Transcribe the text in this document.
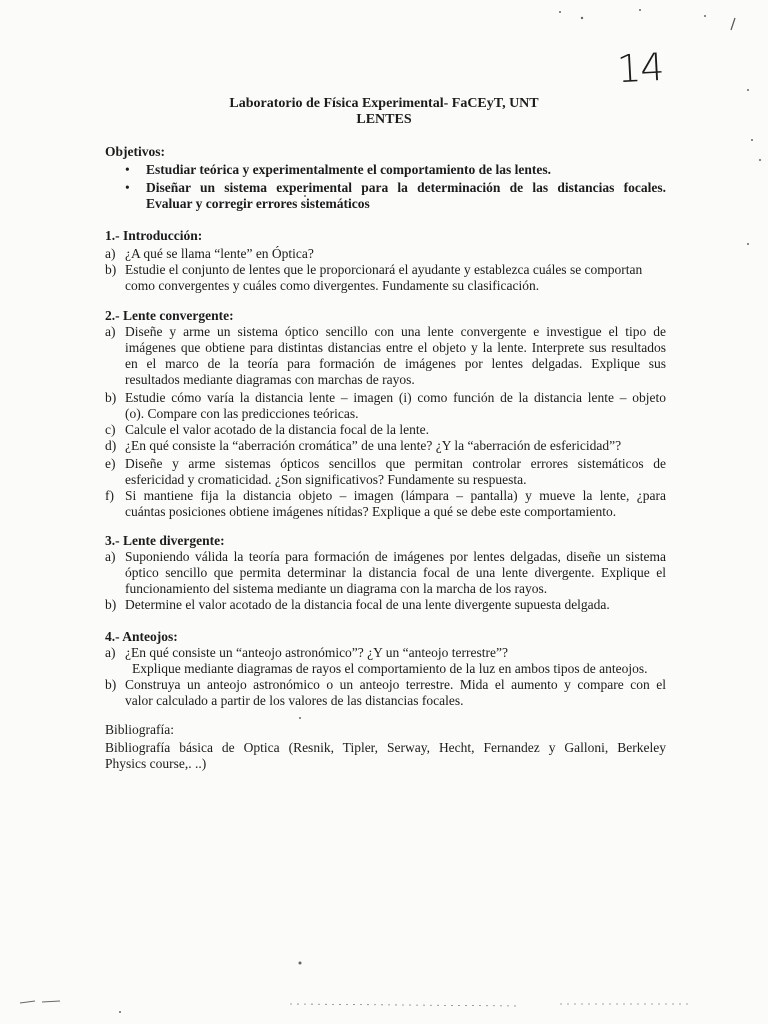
14
Laboratorio de Física Experimental- FaCEyT, UNT
LENTES
Objetivos:
• Estudiar teórica y experimentalmente el comportamiento de las lentes.
• Diseñar un sistema experimental para la determinación de las distancias focales.
Evaluar y corregir errores sistemáticos
1.- Introducción:
a) ¿A qué se llama “lente” en Óptica?
b) Estudie el conjunto de lentes que le proporcionará el ayudante y establezca cuáles se comportan
como convergentes y cuáles como divergentes. Fundamente su clasificación.
2.- Lente convergente:
a) Diseñe y arme un sistema óptico sencillo con una lente convergente e investigue el tipo de
imágenes que obtiene para distintas distancias entre el objeto y la lente. Interprete sus resultados
en el marco de la teoría para formación de imágenes por lentes delgadas. Explique sus
resultados mediante diagramas con marchas de rayos.
b) Estudie cómo varía la distancia lente – imagen (i) como función de la distancia lente – objeto
(o). Compare con las predicciones teóricas.
c) Calcule el valor acotado de la distancia focal de la lente.
d) ¿En qué consiste la “aberración cromática” de una lente? ¿Y la “aberración de esfericidad”?
e) Diseñe y arme sistemas ópticos sencillos que permitan controlar errores sistemáticos de
esfericidad y cromaticidad. ¿Son significativos? Fundamente su respuesta.
f) Si mantiene fija la distancia objeto – imagen (lámpara – pantalla) y mueve la lente, ¿para
cuántas posiciones obtiene imágenes nítidas? Explique a qué se debe este comportamiento.
3.- Lente divergente:
a) Suponiendo válida la teoría para formación de imágenes por lentes delgadas, diseñe un sistema
óptico sencillo que permita determinar la distancia focal de una lente divergente. Explique el
funcionamiento del sistema mediante un diagrama con la marcha de los rayos.
b) Determine el valor acotado de la distancia focal de una lente divergente supuesta delgada.
4.- Anteojos:
a) ¿En qué consiste un “anteojo astronómico”? ¿Y un “anteojo terrestre”?
Explique mediante diagramas de rayos el comportamiento de la luz en ambos tipos de anteojos.
b) Construya un anteojo astronómico o un anteojo terrestre. Mida el aumento y compare con el
valor calculado a partir de los valores de las distancias focales.
Bibliografía:
Bibliografía básica de Optica (Resnik, Tipler, Serway, Hecht, Fernandez y Galloni, Berkeley
Physics course,. ..)
